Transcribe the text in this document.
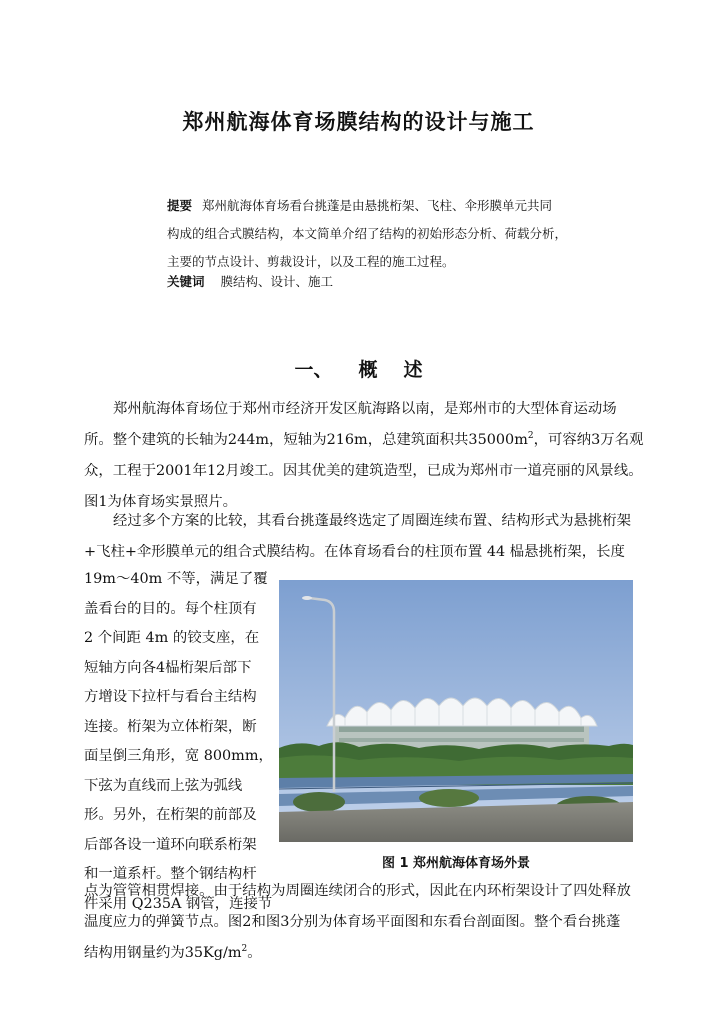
郑州航海体育场膜结构的设计与施工
提要 郑州航海体育场看台挑蓬是由悬挑桁架、飞柱、伞形膜单元共同
构成的组合式膜结构，本文简单介绍了结构的初始形态分析、荷载分析，
主要的节点设计、剪裁设计，以及工程的施工过程。
关键词 膜结构、设计、施工
一、 概 述
郑州航海体育场位于郑州市经济开发区航海路以南，是郑州市的大型体育运动场
所。整个建筑的长轴为244m，短轴为216m，总建筑面积共$35000m^2$，可容纳3万名观
众，工程于2001年12月竣工。因其优美的建筑造型，已成为郑州市一道亮丽的风景线。
图1为体育场实景照片。
经过多个方案的比较，其看台挑蓬最终选定了周圈连续布置、结构形式为悬挑桁架
+飞柱+伞形膜单元的组合式膜结构。在体育场看台的柱顶布置 44 榀悬挑桁架，长度
19m～40m 不等，满足了覆
盖看台的目的。每个柱顶有
2 个间距 4m 的铰支座，在
短轴方向各4榀桁架后部下
方增设下拉杆与看台主结构
连接。桁架为立体桁架，断
面呈倒三角形，宽 800mm，
下弦为直线而上弦为弧线
形。另外，在桁架的前部及
后部各设一道环向联系桁架
和一道系杆。整个钢结构杆
件采用 Q235A 钢管，连接节
图 1 郑州航海体育场外景
点为管管相贯焊接。由于结构为周圈连续闭合的形式，因此在内环桁架设计了四处释放
温度应力的弹簧节点。图2和图3分别为体育场平面图和东看台剖面图。整个看台挑蓬
结构用钢量约为$35Kg/m^2$。
